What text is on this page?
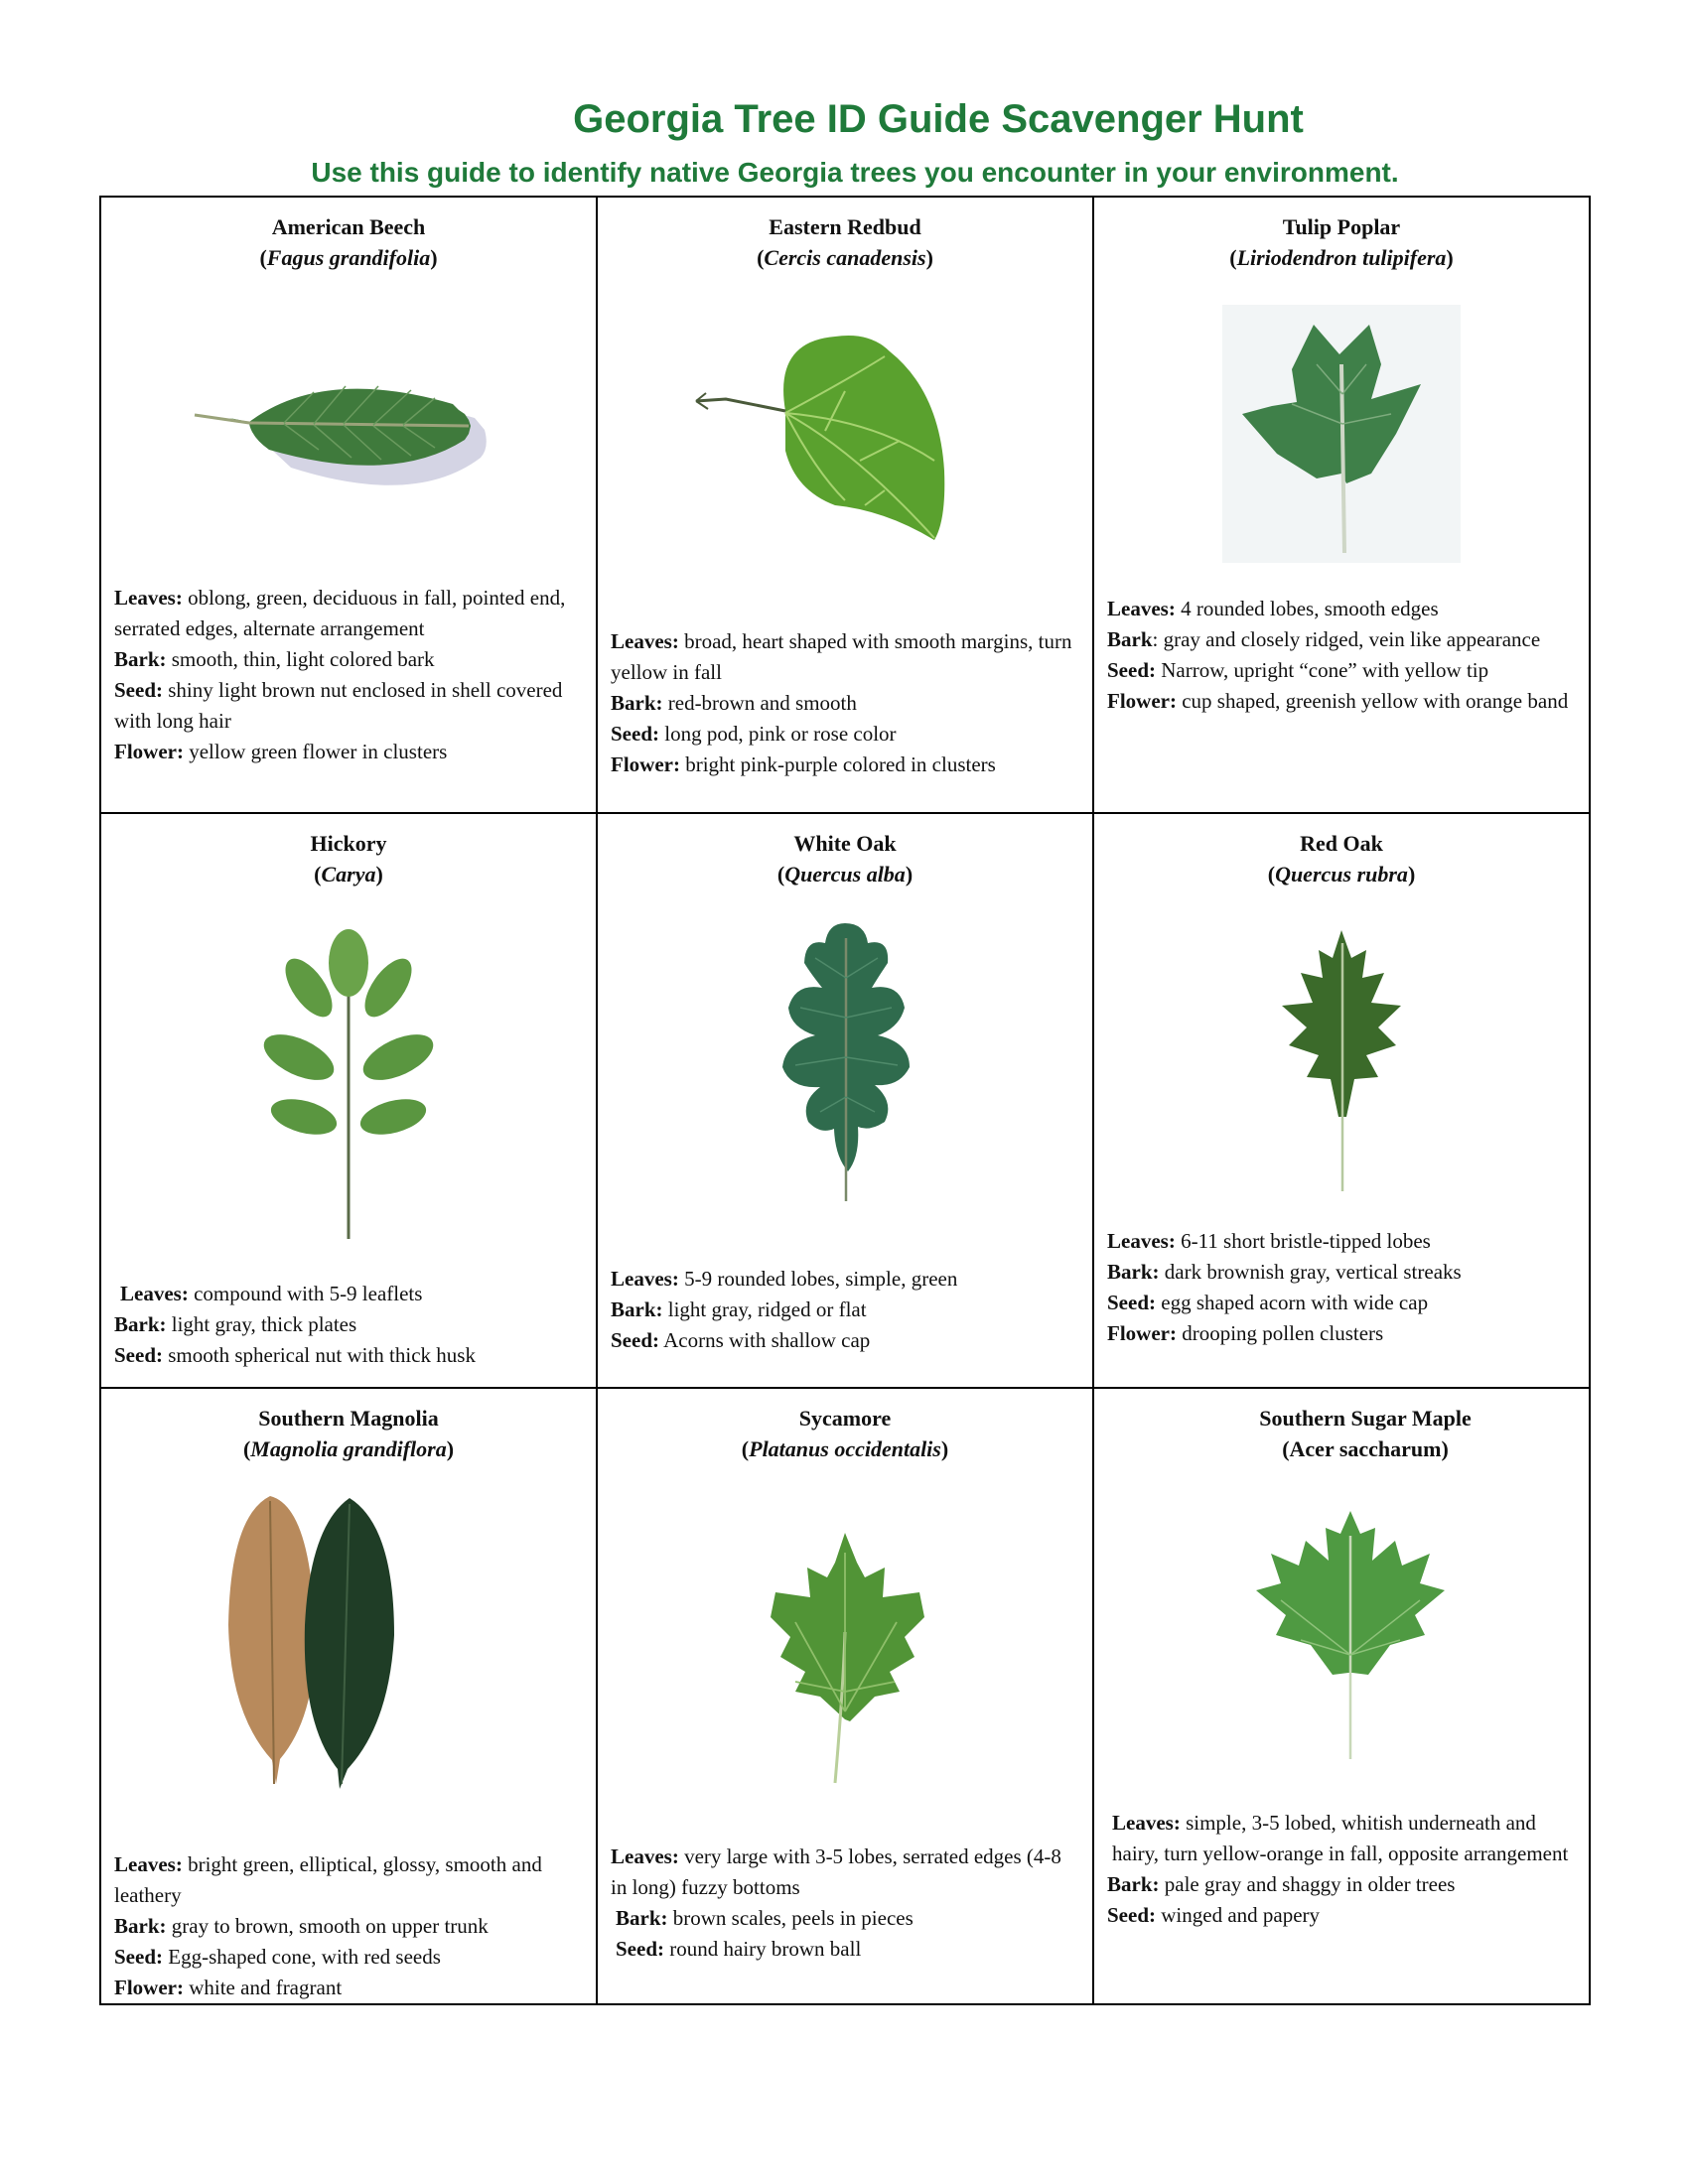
Georgia Tree ID Guide Scavenger Hunt
Use this guide to identify native Georgia trees you encounter in your environment.
American Beech
(Fagus grandifolia)

Leaves: oblong, green, deciduous in fall, pointed end, serrated edges, alternate arrangement

Bark: smooth, thin, light colored bark

Seed: shiny light brown nut enclosed in shell covered with long hair

Flower: yellow green flower in clusters

Eastern Redbud
(Cercis canadensis)

Leaves: broad, heart shaped with smooth margins, turn yellow in fall

Bark: red-brown and smooth

Seed: long pod, pink or rose color

Flower: bright pink-purple colored in clusters

Tulip Poplar
(Liriodendron tulipifera)

Leaves: 4 rounded lobes, smooth edges

Bark: gray and closely ridged, vein like appearance

Seed: Narrow, upright “cone” with yellow tip

Flower: cup shaped, greenish yellow with orange band

Hickory
(Carya)

Leaves: compound with 5-9 leaflets

Bark: light gray, thick plates

Seed: smooth spherical nut with thick husk

White Oak
(Quercus alba)

Leaves: 5-9 rounded lobes, simple, green

Bark: light gray, ridged or flat

Seed: Acorns with shallow cap

Red Oak
(Quercus rubra)

Leaves: 6-11 short bristle-tipped lobes

Bark: dark brownish gray, vertical streaks

Seed: egg shaped acorn with wide cap

Flower: drooping pollen clusters

Southern Magnolia
(Magnolia grandiflora)

Leaves: bright green, elliptical, glossy, smooth and leathery

Bark: gray to brown, smooth on upper trunk

Seed: Egg-shaped cone, with red seeds

Flower: white and fragrant

Sycamore
(Platanus occidentalis)

Leaves: very large with 3-5 lobes, serrated edges (4-8 in long) fuzzy bottoms

Bark: brown scales, peels in pieces

Seed: round hairy brown ball

Southern Sugar Maple
(Acer saccharum)

Leaves: simple, 3-5 lobed, whitish underneath and hairy, turn yellow-orange in fall, opposite arrangement

Bark: pale gray and shaggy in older trees

Seed: winged and papery
